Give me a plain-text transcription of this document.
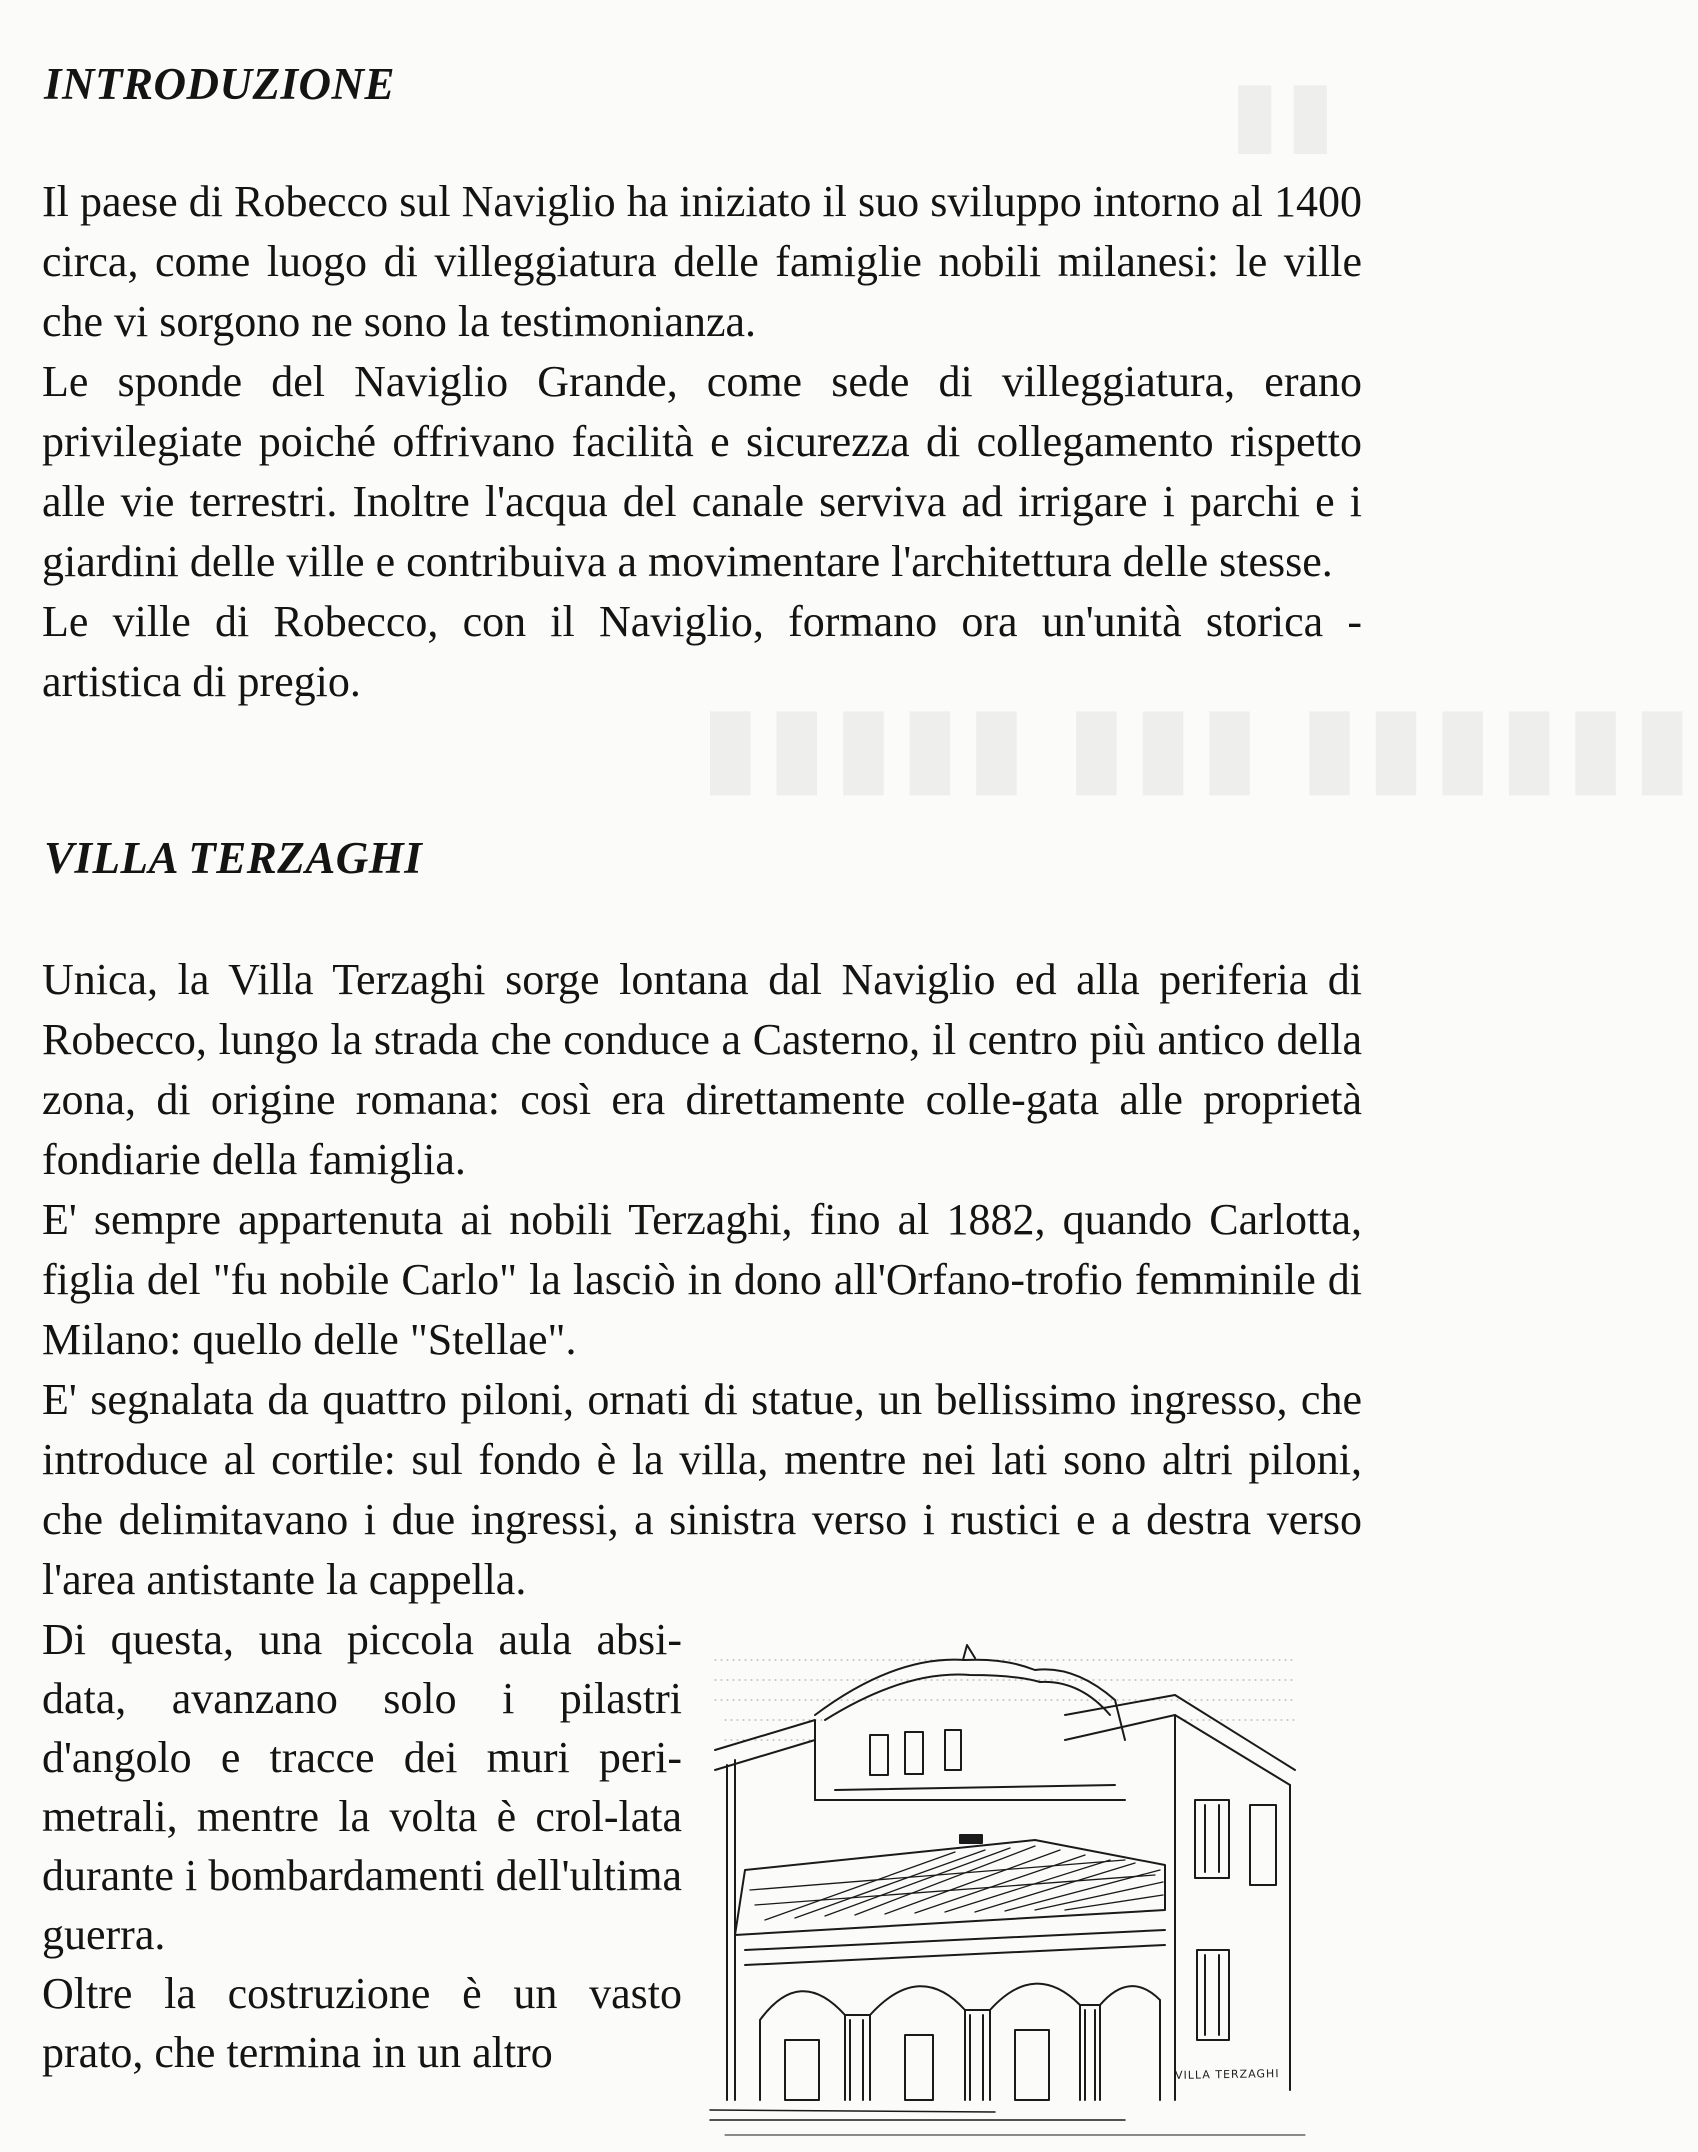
▮▮▮▮▮ ▮▮▮ ▮▮▮▮▮▮
▮▮
INTRODUZIONE

Il paese di Robecco sul Naviglio ha iniziato il suo sviluppo intorno al 1400 circa, come luogo di villeggiatura delle famiglie nobili milanesi: le ville che vi sorgono ne sono la testimonianza.

Le sponde del Naviglio Grande, come sede di villeggiatura, erano privilegiate poiché offrivano facilità e sicurezza di collegamento rispetto alle vie terrestri. Inoltre l'acqua del canale serviva ad irrigare i parchi e i giardini delle ville e contribuiva a movimentare l'architettura delle stesse.

Le ville di Robecco, con il Naviglio, formano ora un'unità storica - artistica di pregio.

VILLA TERZAGHI

Unica, la Villa Terzaghi sorge lontana dal Naviglio ed alla periferia di Robecco, lungo la strada che conduce a Casterno, il centro più antico della zona, di origine romana: così era direttamente colle-gata alle proprietà fondiarie della famiglia.

E' sempre appartenuta ai nobili Terzaghi, fino al 1882, quando Carlotta, figlia del "fu nobile Carlo" la lasciò in dono all'Orfano-trofio femminile di Milano: quello delle "Stellae".

E' segnalata da quattro piloni, ornati di statue, un bellissimo ingresso, che introduce al cortile: sul fondo è la villa, mentre nei lati sono altri piloni, che delimitavano i due ingressi, a sinistra verso i rustici e a destra verso l'area antistante la cappella.

Di questa, una piccola aula absi-data, avanzano solo i pilastri d'angolo e tracce dei muri peri-metrali, mentre la volta è crol-lata durante i bombardamenti dell'ultima guerra.

Oltre la costruzione è un vasto prato, che termina in un altro	VILLA TERZAGHI
